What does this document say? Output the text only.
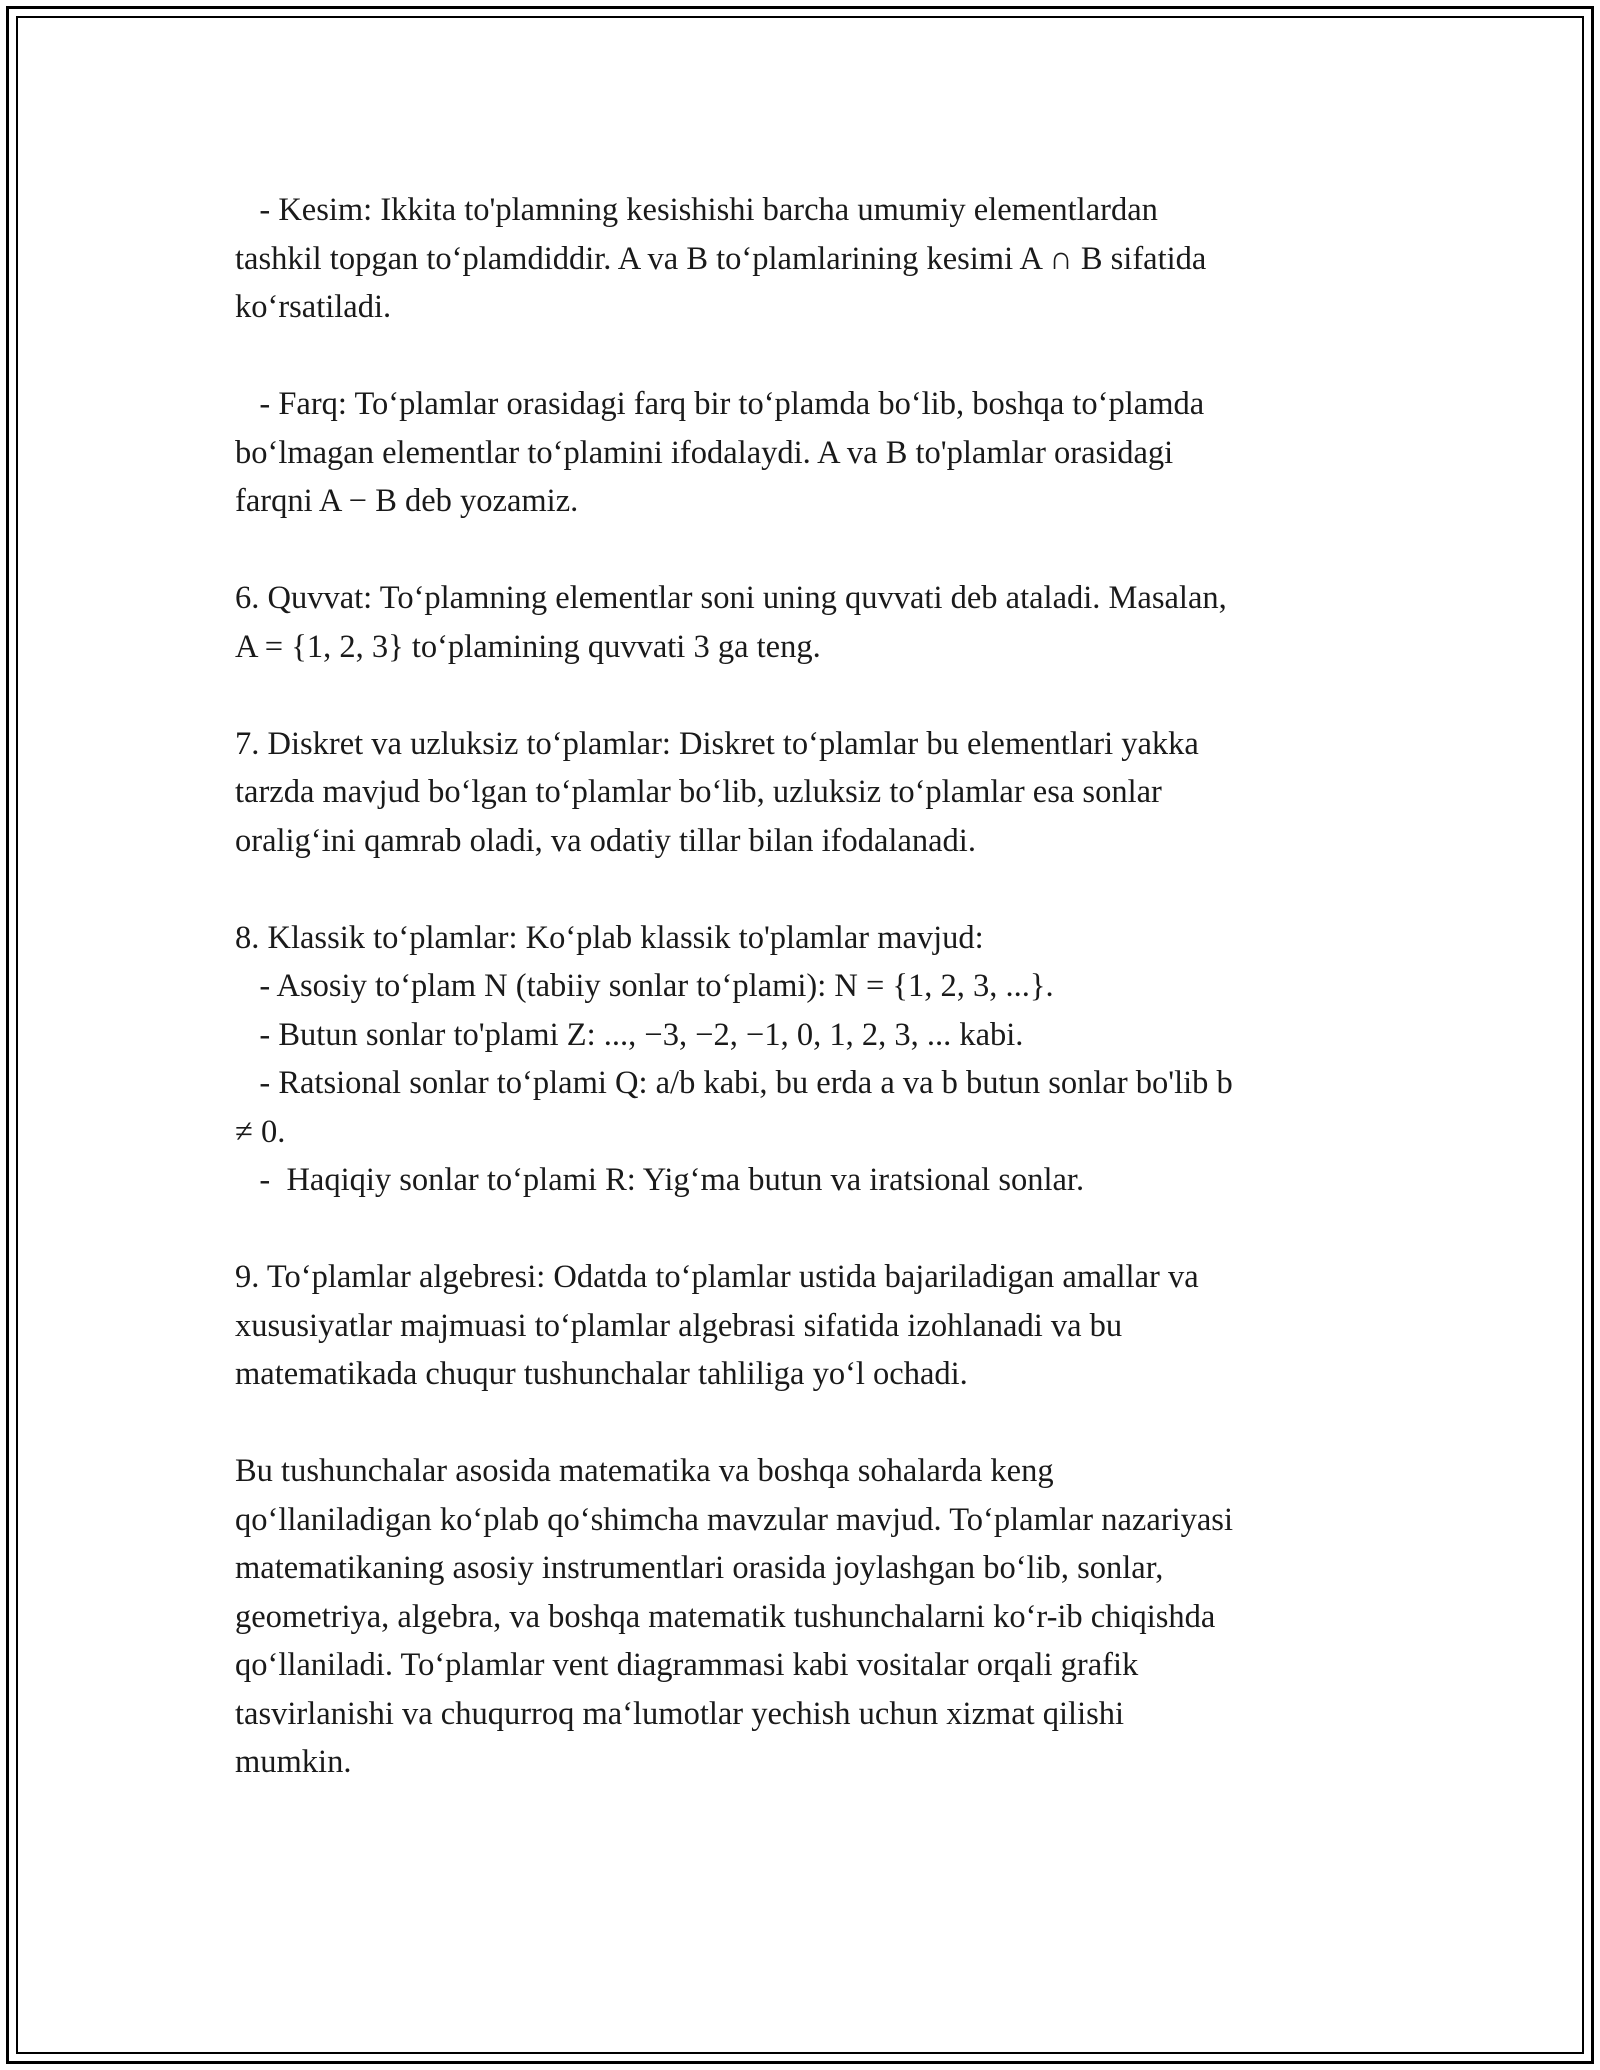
- Kesim: Ikkita to'plamning kesishishi barcha umumiy elementlardan
tashkil topgan to‘plamdiddir. A va B to‘plamlarining kesimi A ∩ B sifatida
ko‘rsatiladi.

- Farq: To‘plamlar orasidagi farq bir to‘plamda bo‘lib, boshqa to‘plamda
bo‘lmagan elementlar to‘plamini ifodalaydi. A va B to'plamlar orasidagi
farqni A − B deb yozamiz.

6. Quvvat: To‘plamning elementlar soni uning quvvati deb ataladi. Masalan,
A = {1, 2, 3} to‘plamining quvvati 3 ga teng.

7. Diskret va uzluksiz to‘plamlar: Diskret to‘plamlar bu elementlari yakka
tarzda mavjud bo‘lgan to‘plamlar bo‘lib, uzluksiz to‘plamlar esa sonlar
oralig‘ini qamrab oladi, va odatiy tillar bilan ifodalanadi.

8. Klassik to‘plamlar: Ko‘plab klassik to'plamlar mavjud:
- Asosiy to‘plam N (tabiiy sonlar to‘plami): N = {1, 2, 3, ...}.
- Butun sonlar to'plami Z: ..., −3, −2, −1, 0, 1, 2, 3, ... kabi.
- Ratsional sonlar to‘plami Q: a/b kabi, bu erda a va b butun sonlar bo'lib b
≠ 0.
-  Haqiqiy sonlar to‘plami R: Yig‘ma butun va iratsional sonlar.

9. To‘plamlar algebresi: Odatda to‘plamlar ustida bajariladigan amallar va
xususiyatlar majmuasi to‘plamlar algebrasi sifatida izohlanadi va bu
matematikada chuqur tushunchalar tahliliga yo‘l ochadi.

Bu tushunchalar asosida matematika va boshqa sohalarda keng
qo‘llaniladigan ko‘plab qo‘shimcha mavzular mavjud. To‘plamlar nazariyasi
matematikaning asosiy instrumentlari orasida joylashgan bo‘lib, sonlar,
geometriya, algebra, va boshqa matematik tushunchalarni ko‘r-ib chiqishda
qo‘llaniladi. To‘plamlar vent diagrammasi kabi vositalar orqali grafik
tasvirlanishi va chuqurroq ma‘lumotlar yechish uchun xizmat qilishi
mumkin.
